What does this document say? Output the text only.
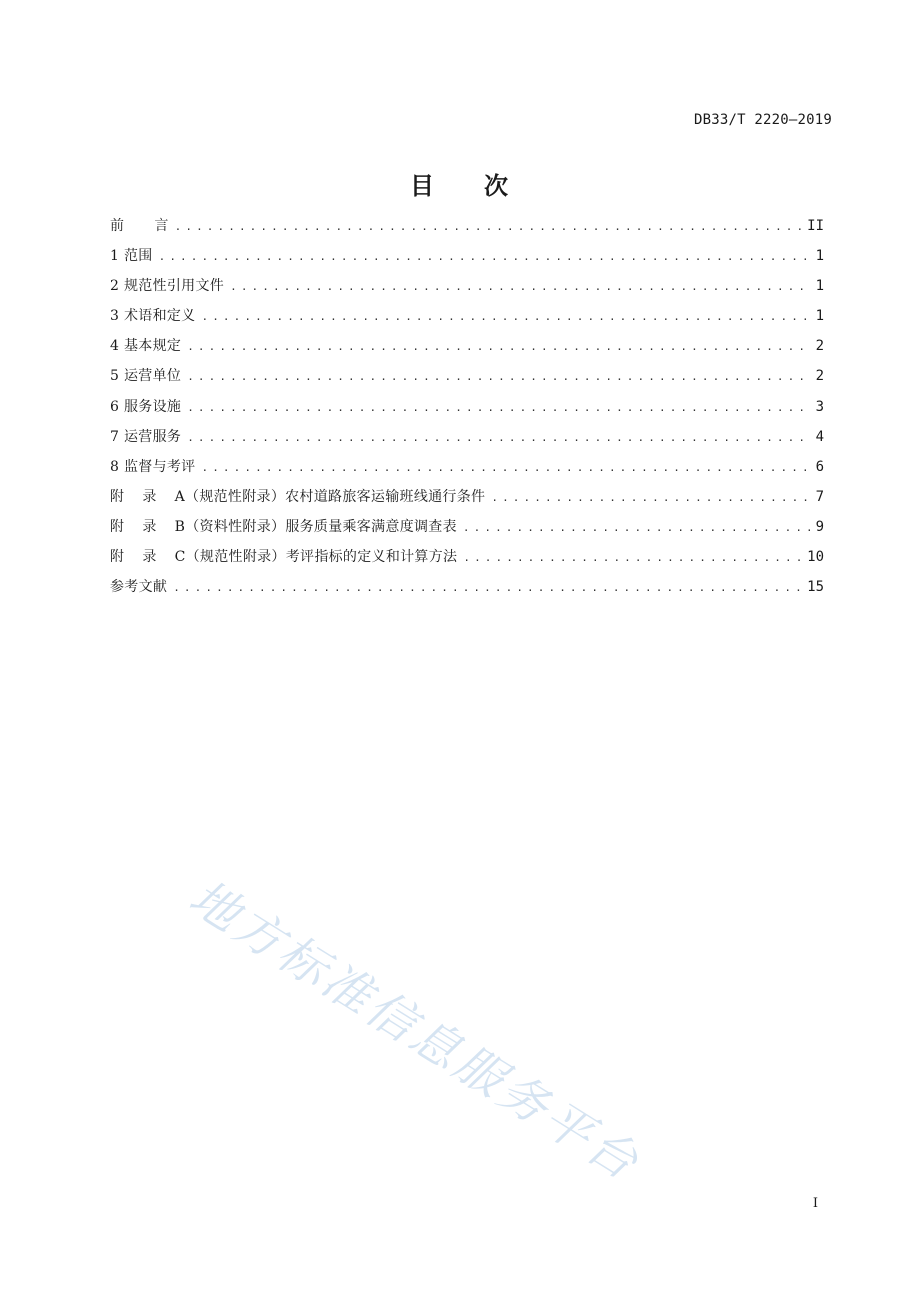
DB33/T 2220—2019
目 次
前 言 .....	II
1 范围 .....	1
2 规范性引用文件 .....	1
3 术语和定义 .....	1
4 基本规定 .....	2
5 运营单位 .....	2
6 服务设施 .....	3
7 运营服务 .....	4
8 监督与考评 .....	6
附 录 A（规范性附录）农村道路旅客运输班线通行条件 .....	7
附 录 B（资料性附录）服务质量乘客满意度调查表 .....	9
附 录 C（规范性附录）考评指标的定义和计算方法 .....	10
参考文献 .....	15
地方标准信息服务平台
I
